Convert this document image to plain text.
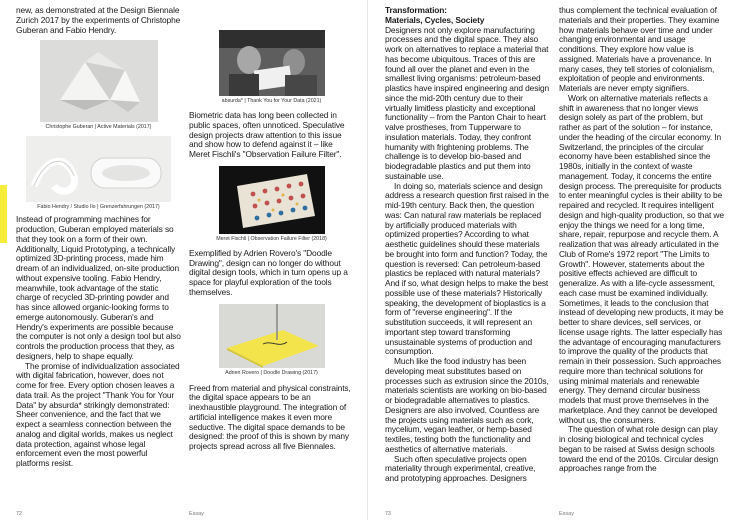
new, as demonstrated at the Design Biennale Zurich 2017 by the experiments of Christophe Guberan and Fabio Hendry.

Christophe Guberan | Active Materials (2017)
Fabio Hendry / Studio Ilo | Grenzerfahrungen (2017)

Instead of programming machines for production, Guberan employed materials so that they took on a form of their own. Additionally, Liquid Prototyping, a technically optimized 3D-printing process, made him dream of an individualized, on-site production without expensive tooling. Fabio Hendry, meanwhile, took advantage of the static charge of recycled 3D-printing powder and has since allowed organic-looking forms to emerge autonomously. Guberan's and Hendry's experiments are possible because the computer is not only a design tool but also controls the production process that they, as designers, help to shape equally.

The promise of individualization associated with digital fabrication, however, does not come for free. Every option chosen leaves a data trail. As the project "Thank You for Your Data" by absurda* strikingly demonstrated: Sheer convenience, and the fact that we expect a seamless connection between the analog and digital worlds, makes us neglect data protection, against whose legal enforcement even the most powerful platforms resist.

absurda* | Thank You for Your Data (2021)

Biometric data has long been collected in public spaces, often unnoticed. Speculative design projects draw attention to this issue and show how to defend against it – like Meret Fischli's "Observation Failure Filter".

Meret Fischli | Observation Failure Filter (2018)

Exemplified by Adrien Rovero's "Doodle Drawing", design can no longer do without digital design tools, which in turn opens up a space for playful exploration of the tools themselves.

Adrien Rovero | Doodle Drawing (2017)

Freed from material and physical constraints, the digital space appears to be an inexhaustible playground. The integration of artificial intelligence makes it even more seductive. The digital space demands to be designed: the proof of this is shown by many projects spread across all five Biennales.

Transformation:
Materials, Cycles, Society

Designers not only explore manufacturing processes and the digital space. They also work on alternatives to replace a material that has become ubiquitous. Traces of this are found all over the planet and even in the smallest living organisms: petroleum-based plastics have inspired engineering and design since the mid-20th century due to their virtually limitless plasticity and exceptional functionality – from the Panton Chair to heart valve prostheses, from Tupperware to insulation materials. Today, they confront humanity with frightening problems. The challenge is to develop bio-based and biodegradable plastics and put them into sustainable use.

In doing so, materials science and design address a research question first raised in the mid-19th century. Back then, the question was: Can natural raw materials be replaced by artificially produced materials with optimized properties? According to what aesthetic guidelines should these materials be brought into form and function? Today, the question is reversed: Can petroleum-based plastics be replaced with natural materials? And if so, what design helps to make the best possible use of these materials? Historically speaking, the development of bioplastics is a form of "reverse engineering". If the substitution succeeds, it will represent an important step toward transforming unsustainable systems of production and consumption.

Much like the food industry has been developing meat substitutes based on processes such as extrusion since the 2010s, materials scientists are working on bio-based or biodegradable alternatives to plastics. Designers are also involved. Countless are the projects using materials such as cork, mycelium, vegan leather, or hemp-based textiles, testing both the functionality and aesthetics of alternative materials.

Such often speculative projects open materiality through experimental, creative, and prototyping approaches. Designers

thus complement the technical evaluation of materials and their properties. They examine how materials behave over time and under changing environmental and usage conditions. They explore how value is assigned. Materials have a provenance. In many cases, they tell stories of colonialism, exploitation of people and environments. Materials are never empty signifiers.

Work on alternative materials reflects a shift in awareness that no longer views design solely as part of the problem, but rather as part of the solution – for instance, under the heading of the circular economy. In Switzerland, the principles of the circular economy have been established since the 1980s, initially in the context of waste management. Today, it concerns the entire design process. The prerequisite for products to enter meaningful cycles is their ability to be repaired and recycled. It requires intelligent design and high-quality production, so that we enjoy the things we need for a long time, share, repair, repurpose and recycle them. A realization that was already articulated in the Club of Rome's 1972 report "The Limits to Growth". However, statements about the positive effects achieved are difficult to generalize. As with a life-cycle assessment, each case must be examined individually. Sometimes, it leads to the conclusion that instead of developing new products, it may be better to share devices, sell services, or license usage rights. The latter especially has the advantage of encouraging manufacturers to improve the quality of the products that remain in their possession. Such approaches require more than technical solutions for using minimal materials and renewable energy. They demand circular business models that must prove themselves in the marketplace. And they cannot be developed without us, the consumers.

The question of what role design can play in closing biological and technical cycles began to be raised at Swiss design schools toward the end of the 2010s. Circular design approaches range from the

72	Essay	73	Essay
